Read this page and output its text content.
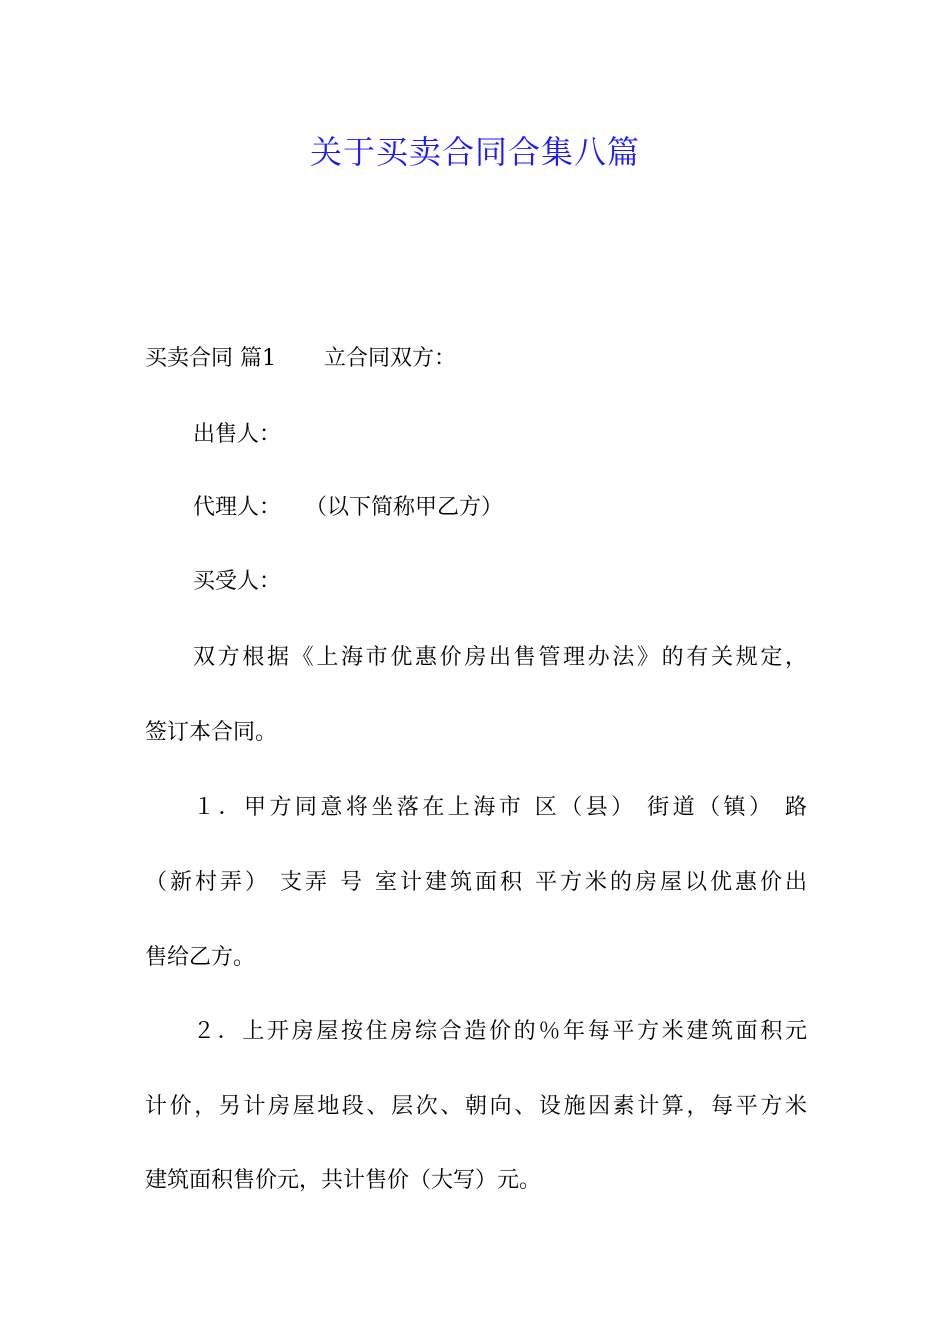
关于买卖合同合集八篇

买卖合同 篇1 立合同双方：

出售人：

代理人： （以下简称甲乙方）

买受人：

双方根据《上海市优惠价房出售管理办法》的有关规定，

签订本合同。

１．甲方同意将坐落在上海市 区（县） 街道（镇） 路

（新村弄） 支弄 号 室计建筑面积 平方米的房屋以优惠价出

售给乙方。

２．上开房屋按住房综合造价的％年每平方米建筑面积元

计价，另计房屋地段、层次、朝向、设施因素计算，每平方米

建筑面积售价元，共计售价（大写）元。
